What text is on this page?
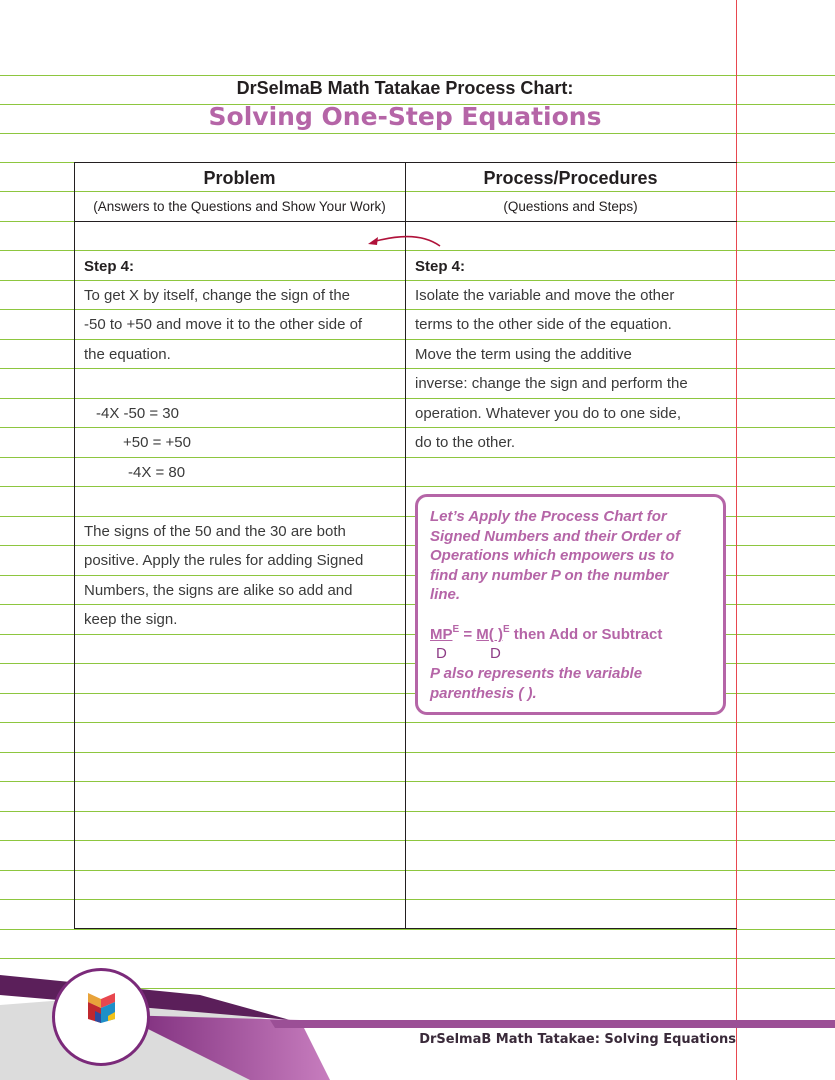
DrSelmaB Math Tatakae Process Chart:
Solving One-Step Equations
Problem
(Answers to the Questions and Show Your Work)
Process/Procedures
(Questions and Steps)
Step 4:
To get X by itself, change the sign of the
-50 to +50 and move it to the other side of
the equation.
-4X -50 = 30
+50 = +50
-4X = 80
The signs of the 50 and the 30 are both
positive. Apply the rules for adding Signed
Numbers, the signs are alike so add and
keep the sign.
Step 4:
Isolate the variable and move the other
terms to the other side of the equation.
Move the term using the additive
inverse: change the sign and perform the
operation. Whatever you do to one side,
do to the other.
Let’s Apply the Process Chart for
Signed Numbers and their Order of
Operations which empowers us to
find any number P on the number
line.
$MP^E = M$( )$^E$ then Add or Subtract
D	D
P also represents the variable
parenthesis ( ).
DrSelmaB Math Tatakae: Solving Equations
